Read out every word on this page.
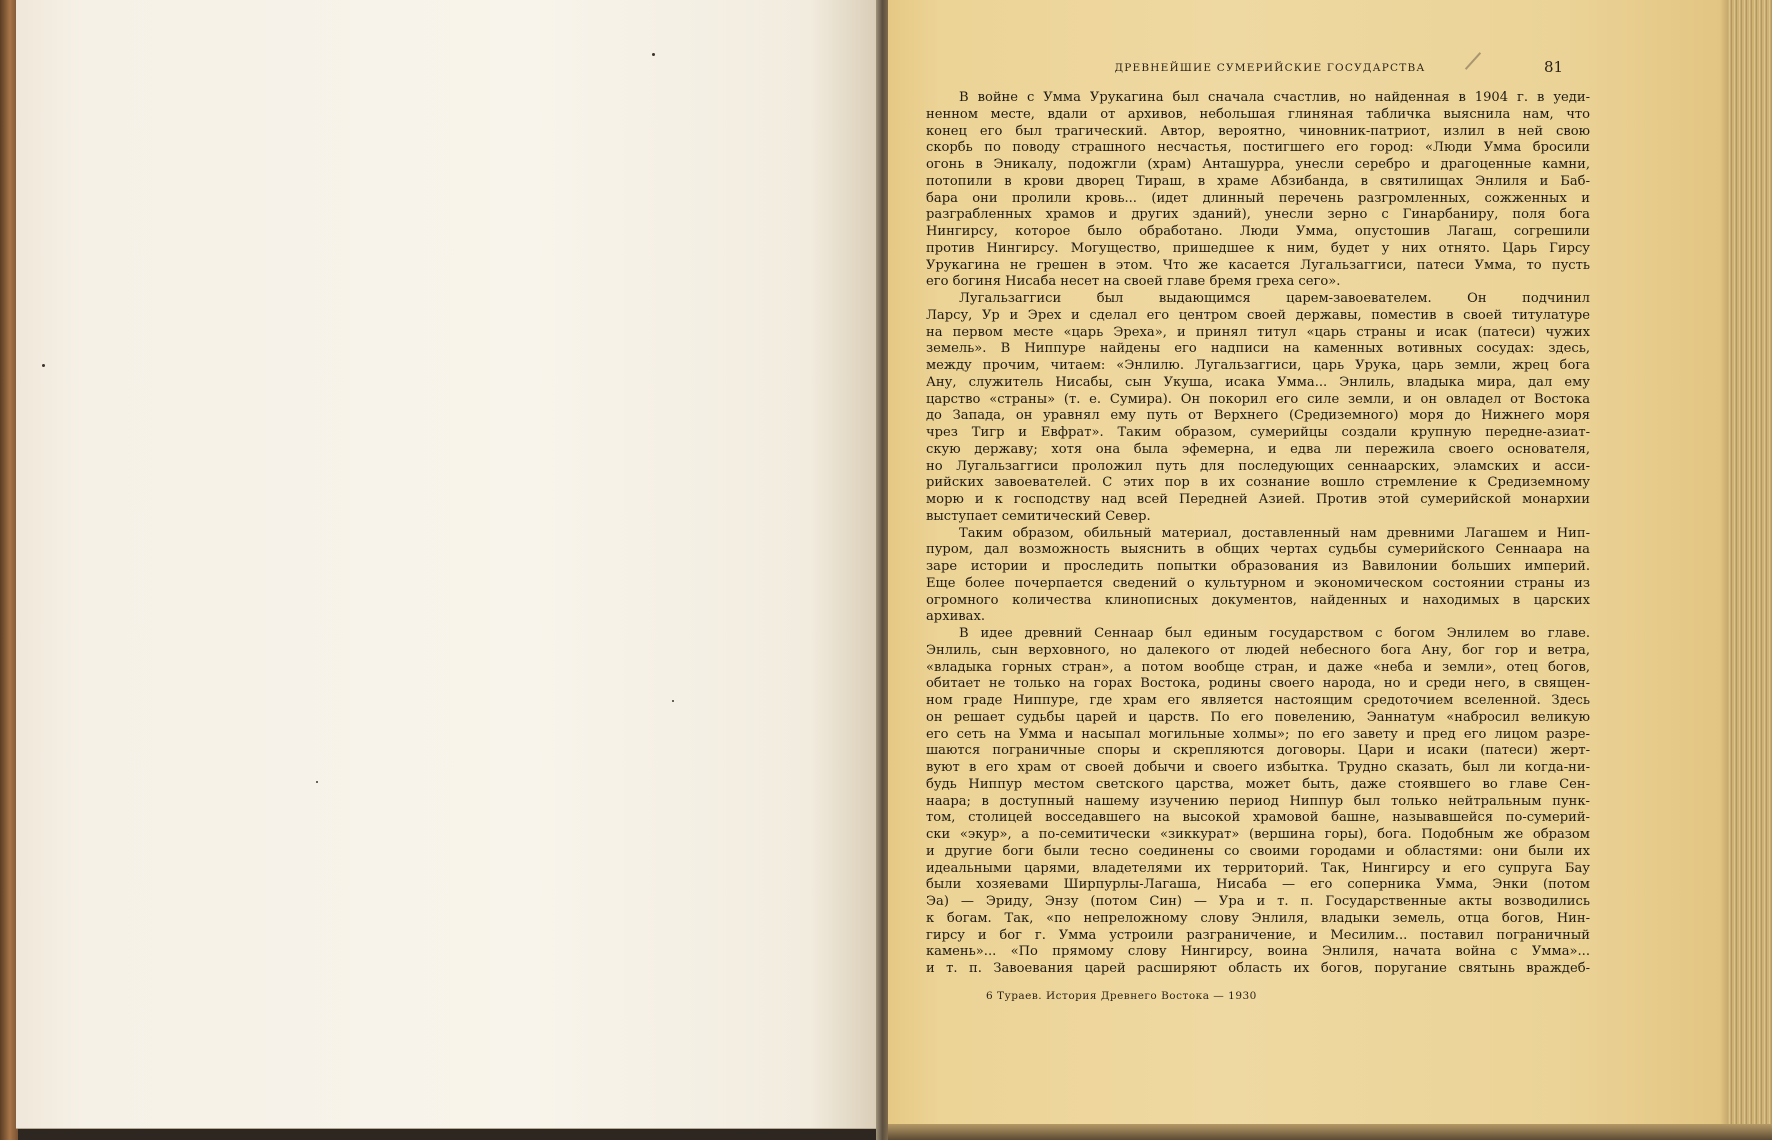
ДРЕВНЕЙШИЕ СУМЕРИЙСКИЕ ГОСУДАРСТВА	81
В войне с Умма Урукагина был сначала счастлив, но найденная в 1904 г. в уеди-
ненном месте, вдали от архивов, небольшая глиняная табличка выяснила нам, что
конец его был трагический. Автор, вероятно, чиновник-патриот, излил в ней свою
скорбь по поводу страшного несчастья, постигшего его город: «Люди Умма бросили
огонь в Эникалу, подожгли (храм) Анташурра, унесли серебро и драгоценные камни,
потопили в крови дворец Тираш, в храме Абзибанда, в святилищах Энлиля и Баб-
бара они пролили кровь... (идет длинный перечень разгромленных, сожженных и
разграбленных храмов и других зданий), унесли зерно с Гинарбаниру, поля бога
Нингирсу, которое было обработано. Люди Умма, опустошив Лагаш, согрешили
против Нингирсу. Могущество, пришедшее к ним, будет у них отнято. Царь Гирсу
Урукагина не грешен в этом. Что же касается Лугальзаггиси, патеси Умма, то пусть
его богиня Нисаба несет на своей главе бремя греха сего».
Лугальзаггиси был выдающимся царем-завоевателем. Он подчинил
Ларсу, Ур и Эрех и сделал его центром своей державы, поместив в своей титулатуре
на первом месте «царь Эреха», и принял титул «царь страны и исак (патеси) чужих
земель». В Ниппуре найдены его надписи на каменных вотивных сосудах: здесь,
между прочим, читаем: «Энлилю. Лугальзаггиси, царь Урука, царь земли, жрец бога
Ану, служитель Нисабы, сын Укуша, исака Умма... Энлиль, владыка мира, дал ему
царство «страны» (т. е. Сумира). Он покорил его силе земли, и он овладел от Востока
до Запада, он уравнял ему путь от Верхнего (Средиземного) моря до Нижнего моря
чрез Тигр и Евфрат». Таким образом, сумерийцы создали крупную передне-азиат-
скую державу; хотя она была эфемерна, и едва ли пережила своего основателя,
но Лугальзаггиси проложил путь для последующих сеннаарских, эламских и асси-
рийских завоевателей. С этих пор в их сознание вошло стремление к Средиземному
морю и к господству над всей Передней Азией. Против этой сумерийской монархии
выступает семитический Север.
Таким образом, обильный материал, доставленный нам древними Лагашем и Нип-
пуром, дал возможность выяснить в общих чертах судьбы сумерийского Сеннаара на
заре истории и проследить попытки образования из Вавилонии больших империй.
Еще более почерпается сведений о культурном и экономическом состоянии страны из
огромного количества клинописных документов, найденных и находимых в царских
архивах.
В идее древний Сеннаар был единым государством с богом Энлилем во главе.
Энлиль, сын верховного, но далекого от людей небесного бога Ану, бог гор и ветра,
«владыка горных стран», а потом вообще стран, и даже «неба и земли», отец богов,
обитает не только на горах Востока, родины своего народа, но и среди него, в священ-
ном граде Ниппуре, где храм его является настоящим средоточием вселенной. Здесь
он решает судьбы царей и царств. По его повелению, Эаннатум «набросил великую
его сеть на Умма и насыпал могильные холмы»; по его завету и пред его лицом разре-
шаются пограничные споры и скрепляются договоры. Цари и исаки (патеси) жерт-
вуют в его храм от своей добычи и своего избытка. Трудно сказать, был ли когда-ни-
будь Ниппур местом светского царства, может быть, даже стоявшего во главе Сен-
наара; в доступный нашему изучению период Ниппур был только нейтральным пунк-
том, столицей восседавшего на высокой храмовой башне, называвшейся по-сумерий-
ски «экур», а по-семитически «зиккурат» (вершина горы), бога. Подобным же образом
и другие боги были тесно соединены со своими городами и областями: они были их
идеальными царями, владетелями их территорий. Так, Нингирсу и его супруга Бау
были хозяевами Ширпурлы-Лагаша, Нисаба — его соперника Умма, Энки (потом
Эа) — Эриду, Энзу (потом Син) — Ура и т. п. Государственные акты возводились
к богам. Так, «по непреложному слову Энлиля, владыки земель, отца богов, Нин-
гирсу и бог г. Умма устроили разграничение, и Месилим... поставил пограничный
камень»... «По прямому слову Нингирсу, воина Энлиля, начата война с Умма»...
и т. п. Завоевания царей расширяют область их богов, поругание святынь враждеб-
6 Тураев. История Древнего Востока — 1930
